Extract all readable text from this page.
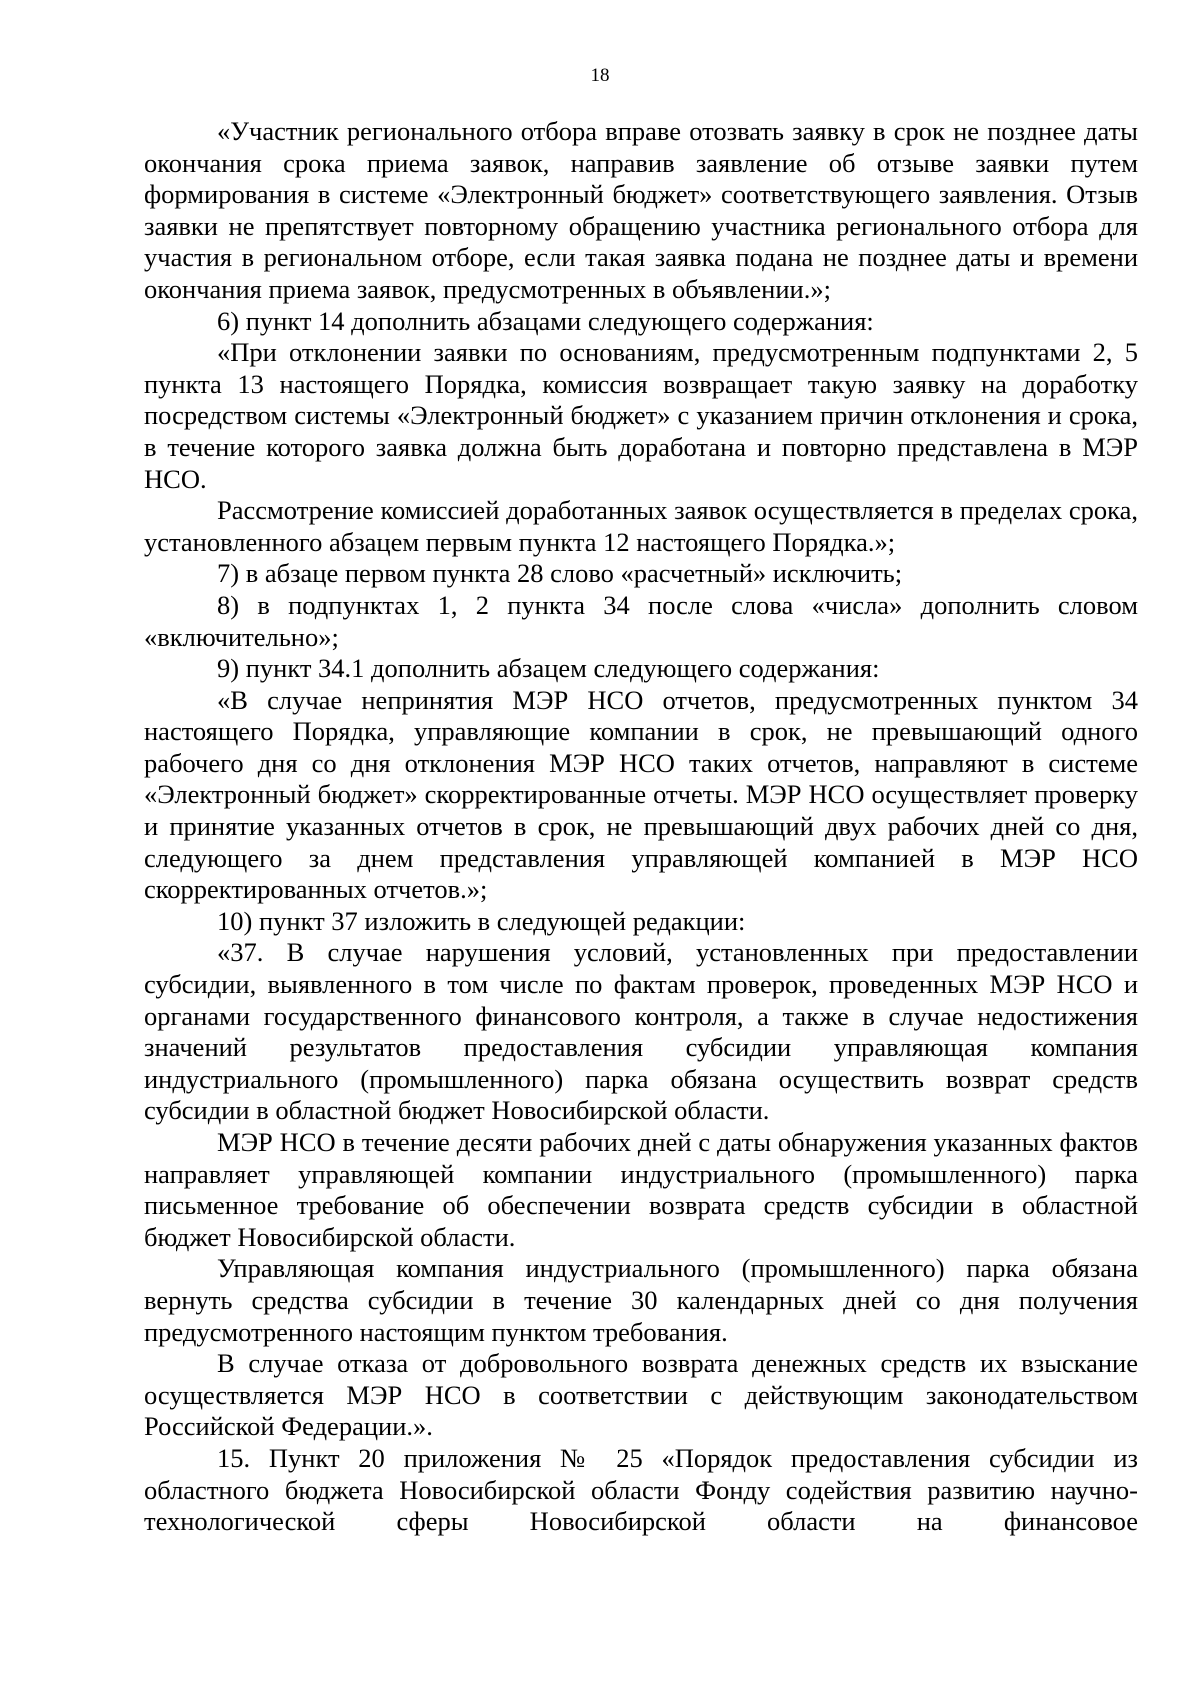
18

«Участник регионального отбора вправе отозвать заявку в срок не позднее даты окончания срока приема заявок, направив заявление об отзыве заявки путем формирования в системе «Электронный бюджет» соответствующего заявления. Отзыв заявки не препятствует повторному обращению участника регионального отбора для участия в региональном отборе, если такая заявка подана не позднее даты и времени окончания приема заявок, предусмотренных в объявлении.»;

6) пункт 14 дополнить абзацами следующего содержания:

«При отклонении заявки по основаниям, предусмотренным подпунктами 2, 5 пункта 13 настоящего Порядка, комиссия возвращает такую заявку на доработку посредством системы «Электронный бюджет» с указанием причин отклонения и срока, в течение которого заявка должна быть доработана и повторно представлена в МЭР НСО.

Рассмотрение комиссией доработанных заявок осуществляется в пределах срока, установленного абзацем первым пункта 12 настоящего Порядка.»;

7) в абзаце первом пункта 28 слово «расчетный» исключить;

8) в подпунктах 1, 2 пункта 34 после слова «числа» дополнить словом «включительно»;

9) пункт 34.1 дополнить абзацем следующего содержания:

«В случае непринятия МЭР НСО отчетов, предусмотренных пунктом 34 настоящего Порядка, управляющие компании в срок, не превышающий одного рабочего дня со дня отклонения МЭР НСО таких отчетов, направляют в системе «Электронный бюджет» скорректированные отчеты. МЭР НСО осуществляет проверку и принятие указанных отчетов в срок, не превышающий двух рабочих дней со дня, следующего за днем представления управляющей компанией в МЭР НСО скорректированных отчетов.»;

10) пункт 37 изложить в следующей редакции:

«37. В случае нарушения условий, установленных при предоставлении субсидии, выявленного в том числе по фактам проверок, проведенных МЭР НСО и органами государственного финансового контроля, а также в случае недостижения значений результатов предоставления субсидии управляющая компания индустриального (промышленного) парка обязана осуществить возврат средств субсидии в областной бюджет Новосибирской области.

МЭР НСО в течение десяти рабочих дней с даты обнаружения указанных фактов направляет управляющей компании индустриального (промышленного) парка письменное требование об обеспечении возврата средств субсидии в областной бюджет Новосибирской области.

Управляющая компания индустриального (промышленного) парка обязана вернуть средства субсидии в течение 30 календарных дней со дня получения предусмотренного настоящим пунктом требования.

В случае отказа от добровольного возврата денежных средств их взыскание осуществляется МЭР НСО в соответствии с действующим законодательством Российской Федерации.».

15. Пункт 20 приложения № 25 «Порядок предоставления субсидии из областного бюджета Новосибирской области Фонду содействия развитию научно-технологической сферы Новосибирской области на финансовое
